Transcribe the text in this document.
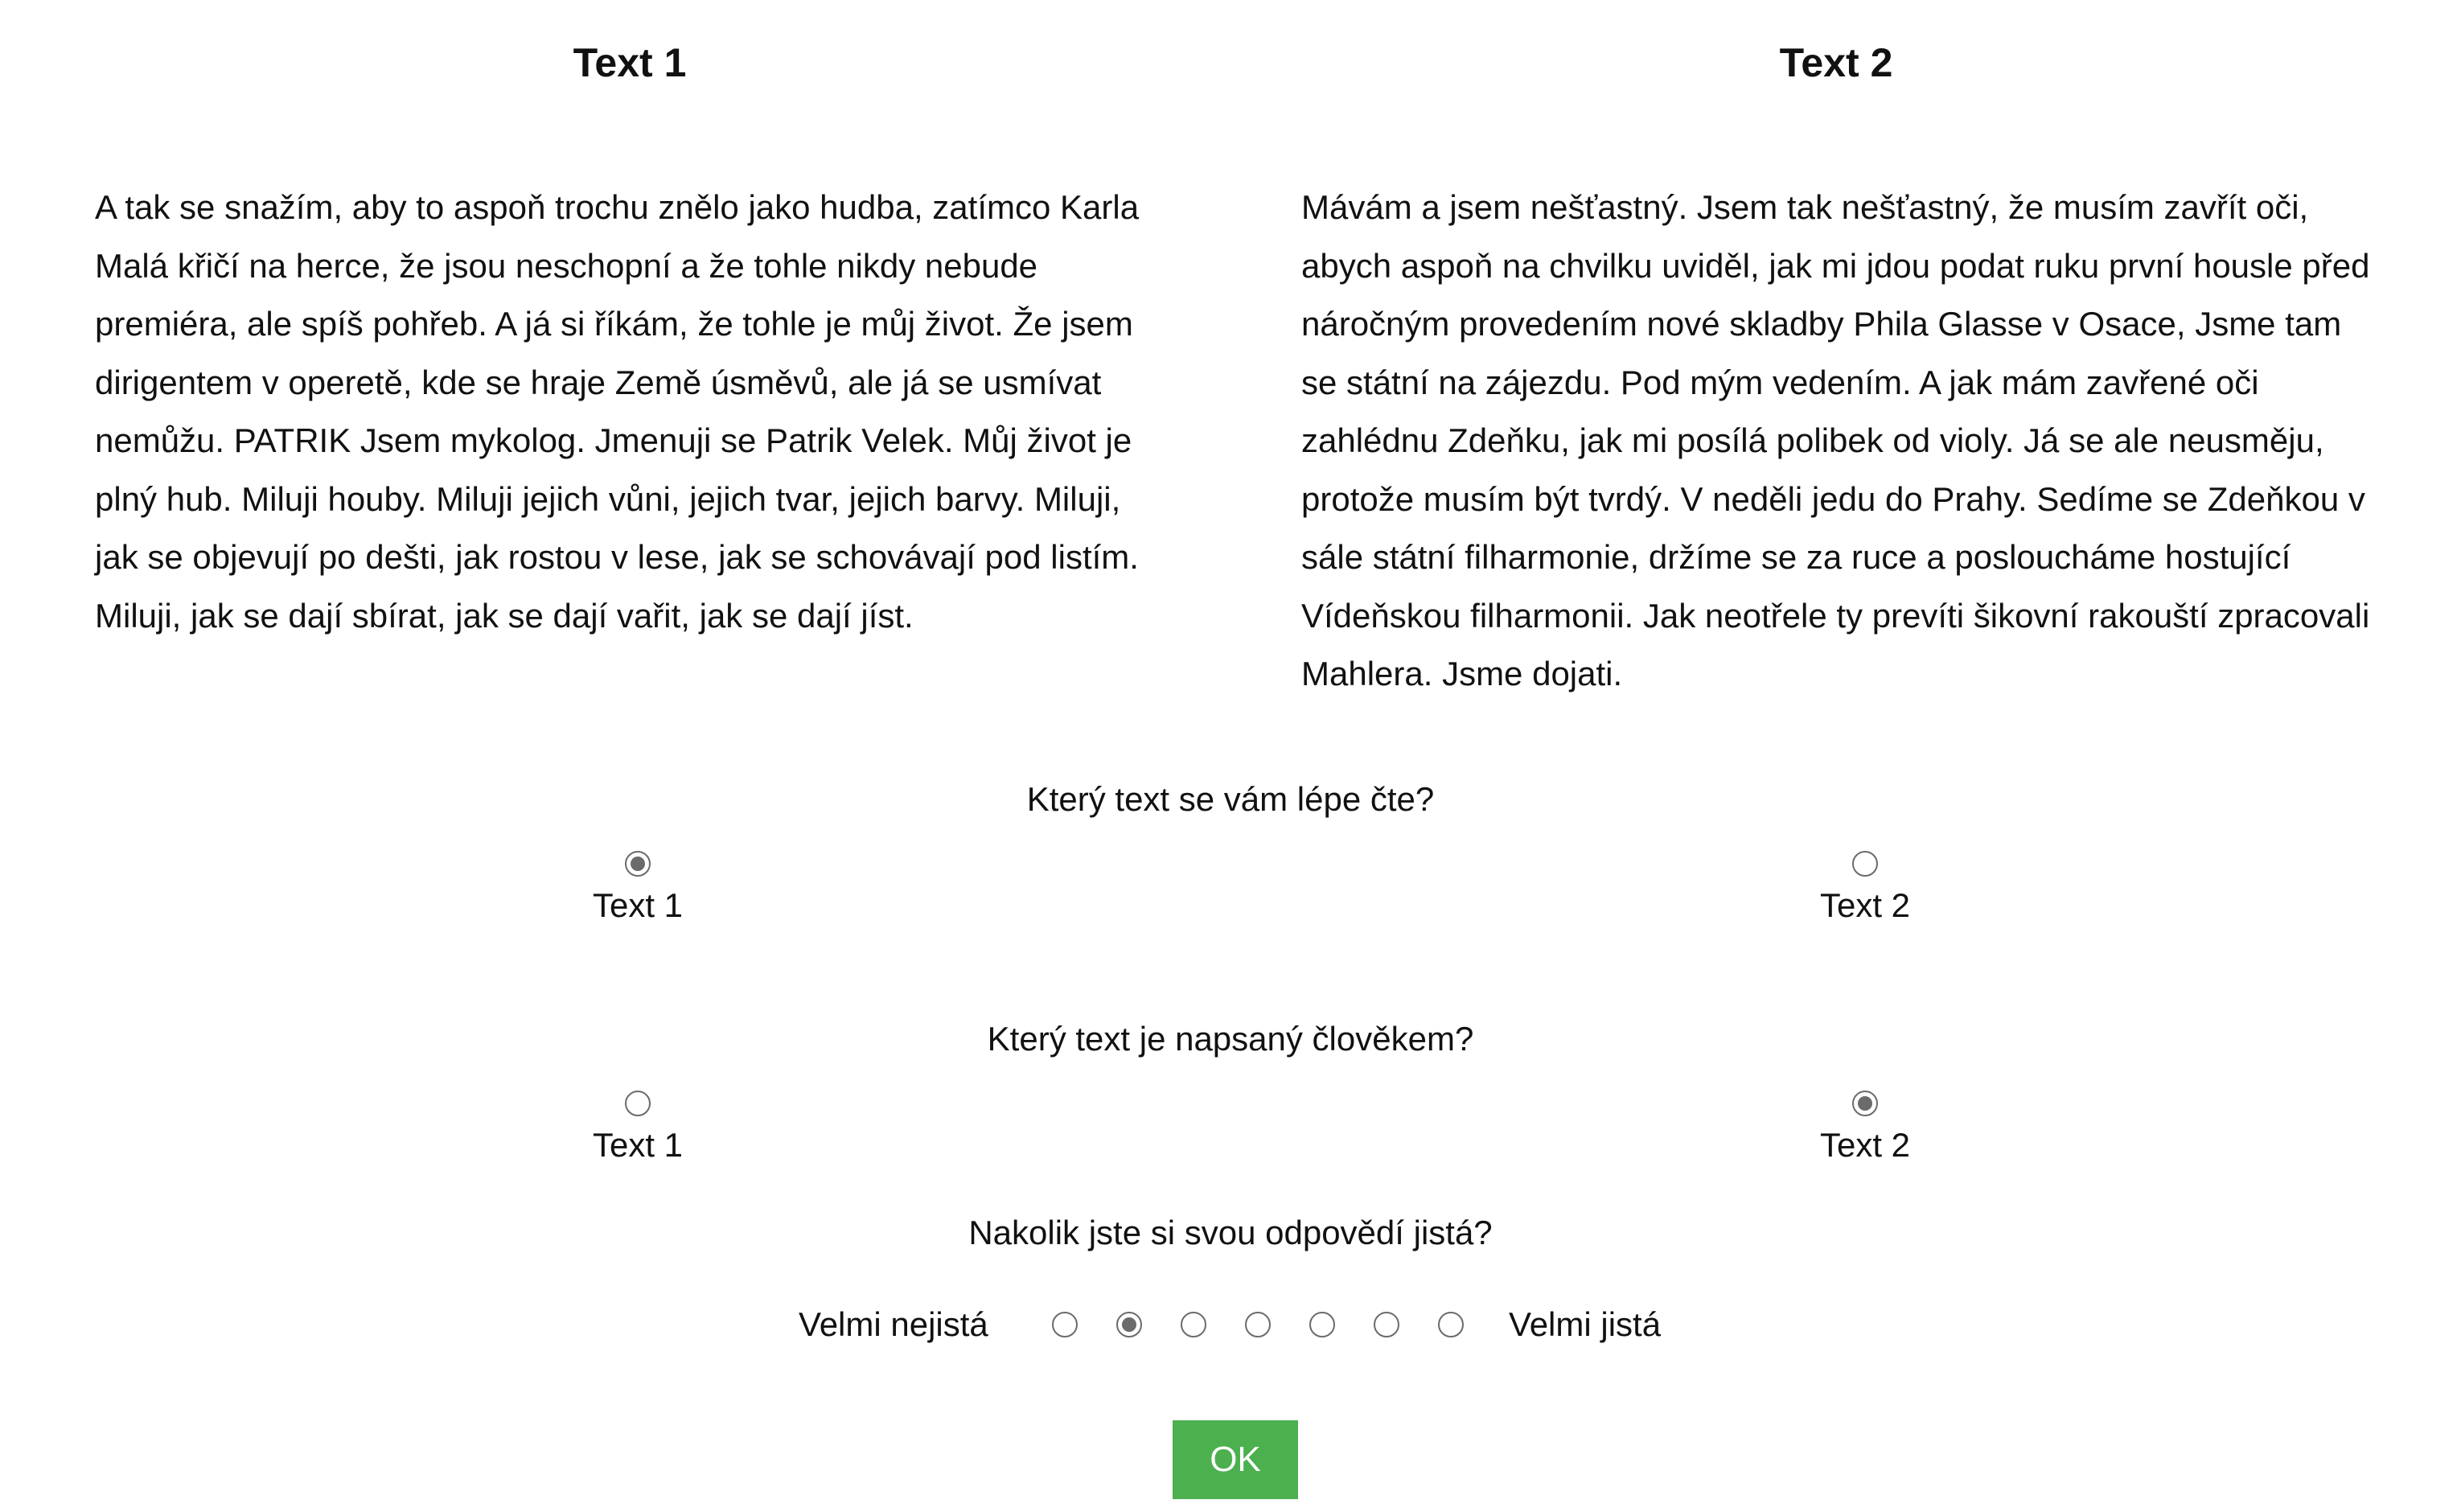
Text 1
A tak se snažím, aby to aspoň trochu znělo jako hudba, zatímco Karla Malá křičí na herce, že jsou neschopní a že tohle nikdy nebude premiéra, ale spíš pohřeb. A já si říkám, že tohle je můj život. Že jsem dirigentem v operetě, kde se hraje Země úsměvů, ale já se usmívat nemůžu. PATRIK Jsem mykolog. Jmenuji se Patrik Velek. Můj život je plný hub. Miluji houby. Miluji jejich vůni, jejich tvar, jejich barvy. Miluji, jak se objevují po dešti, jak rostou v lese, jak se schovávají pod listím. Miluji, jak se dají sbírat, jak se dají vařit, jak se dají jíst.
Text 2
Mávám a jsem nešťastný. Jsem tak nešťastný, že musím zavřít oči, abych aspoň na chvilku uviděl, jak mi jdou podat ruku první housle před náročným provedením nové skladby Phila Glasse v Osace, Jsme tam se státní na zájezdu. Pod mým vedením. A jak mám zavřené oči zahlédnu Zdeňku, jak mi posílá polibek od violy. Já se ale neusměju, protože musím být tvrdý. V neděli jedu do Prahy. Sedíme se Zdeňkou v sále státní filharmonie, držíme se za ruce a posloucháme hostující Vídeňskou filharmonii. Jak neotřele ty prevíti šikovní rakouští zpracovali Mahlera. Jsme dojati.
Který text se vám lépe čte?
Text 1	Text 2
Který text je napsaný člověkem?
Text 1	Text 2
Nakolik jste si svou odpovědí jistá?
Velmi nejistá	Velmi jistá
OK
